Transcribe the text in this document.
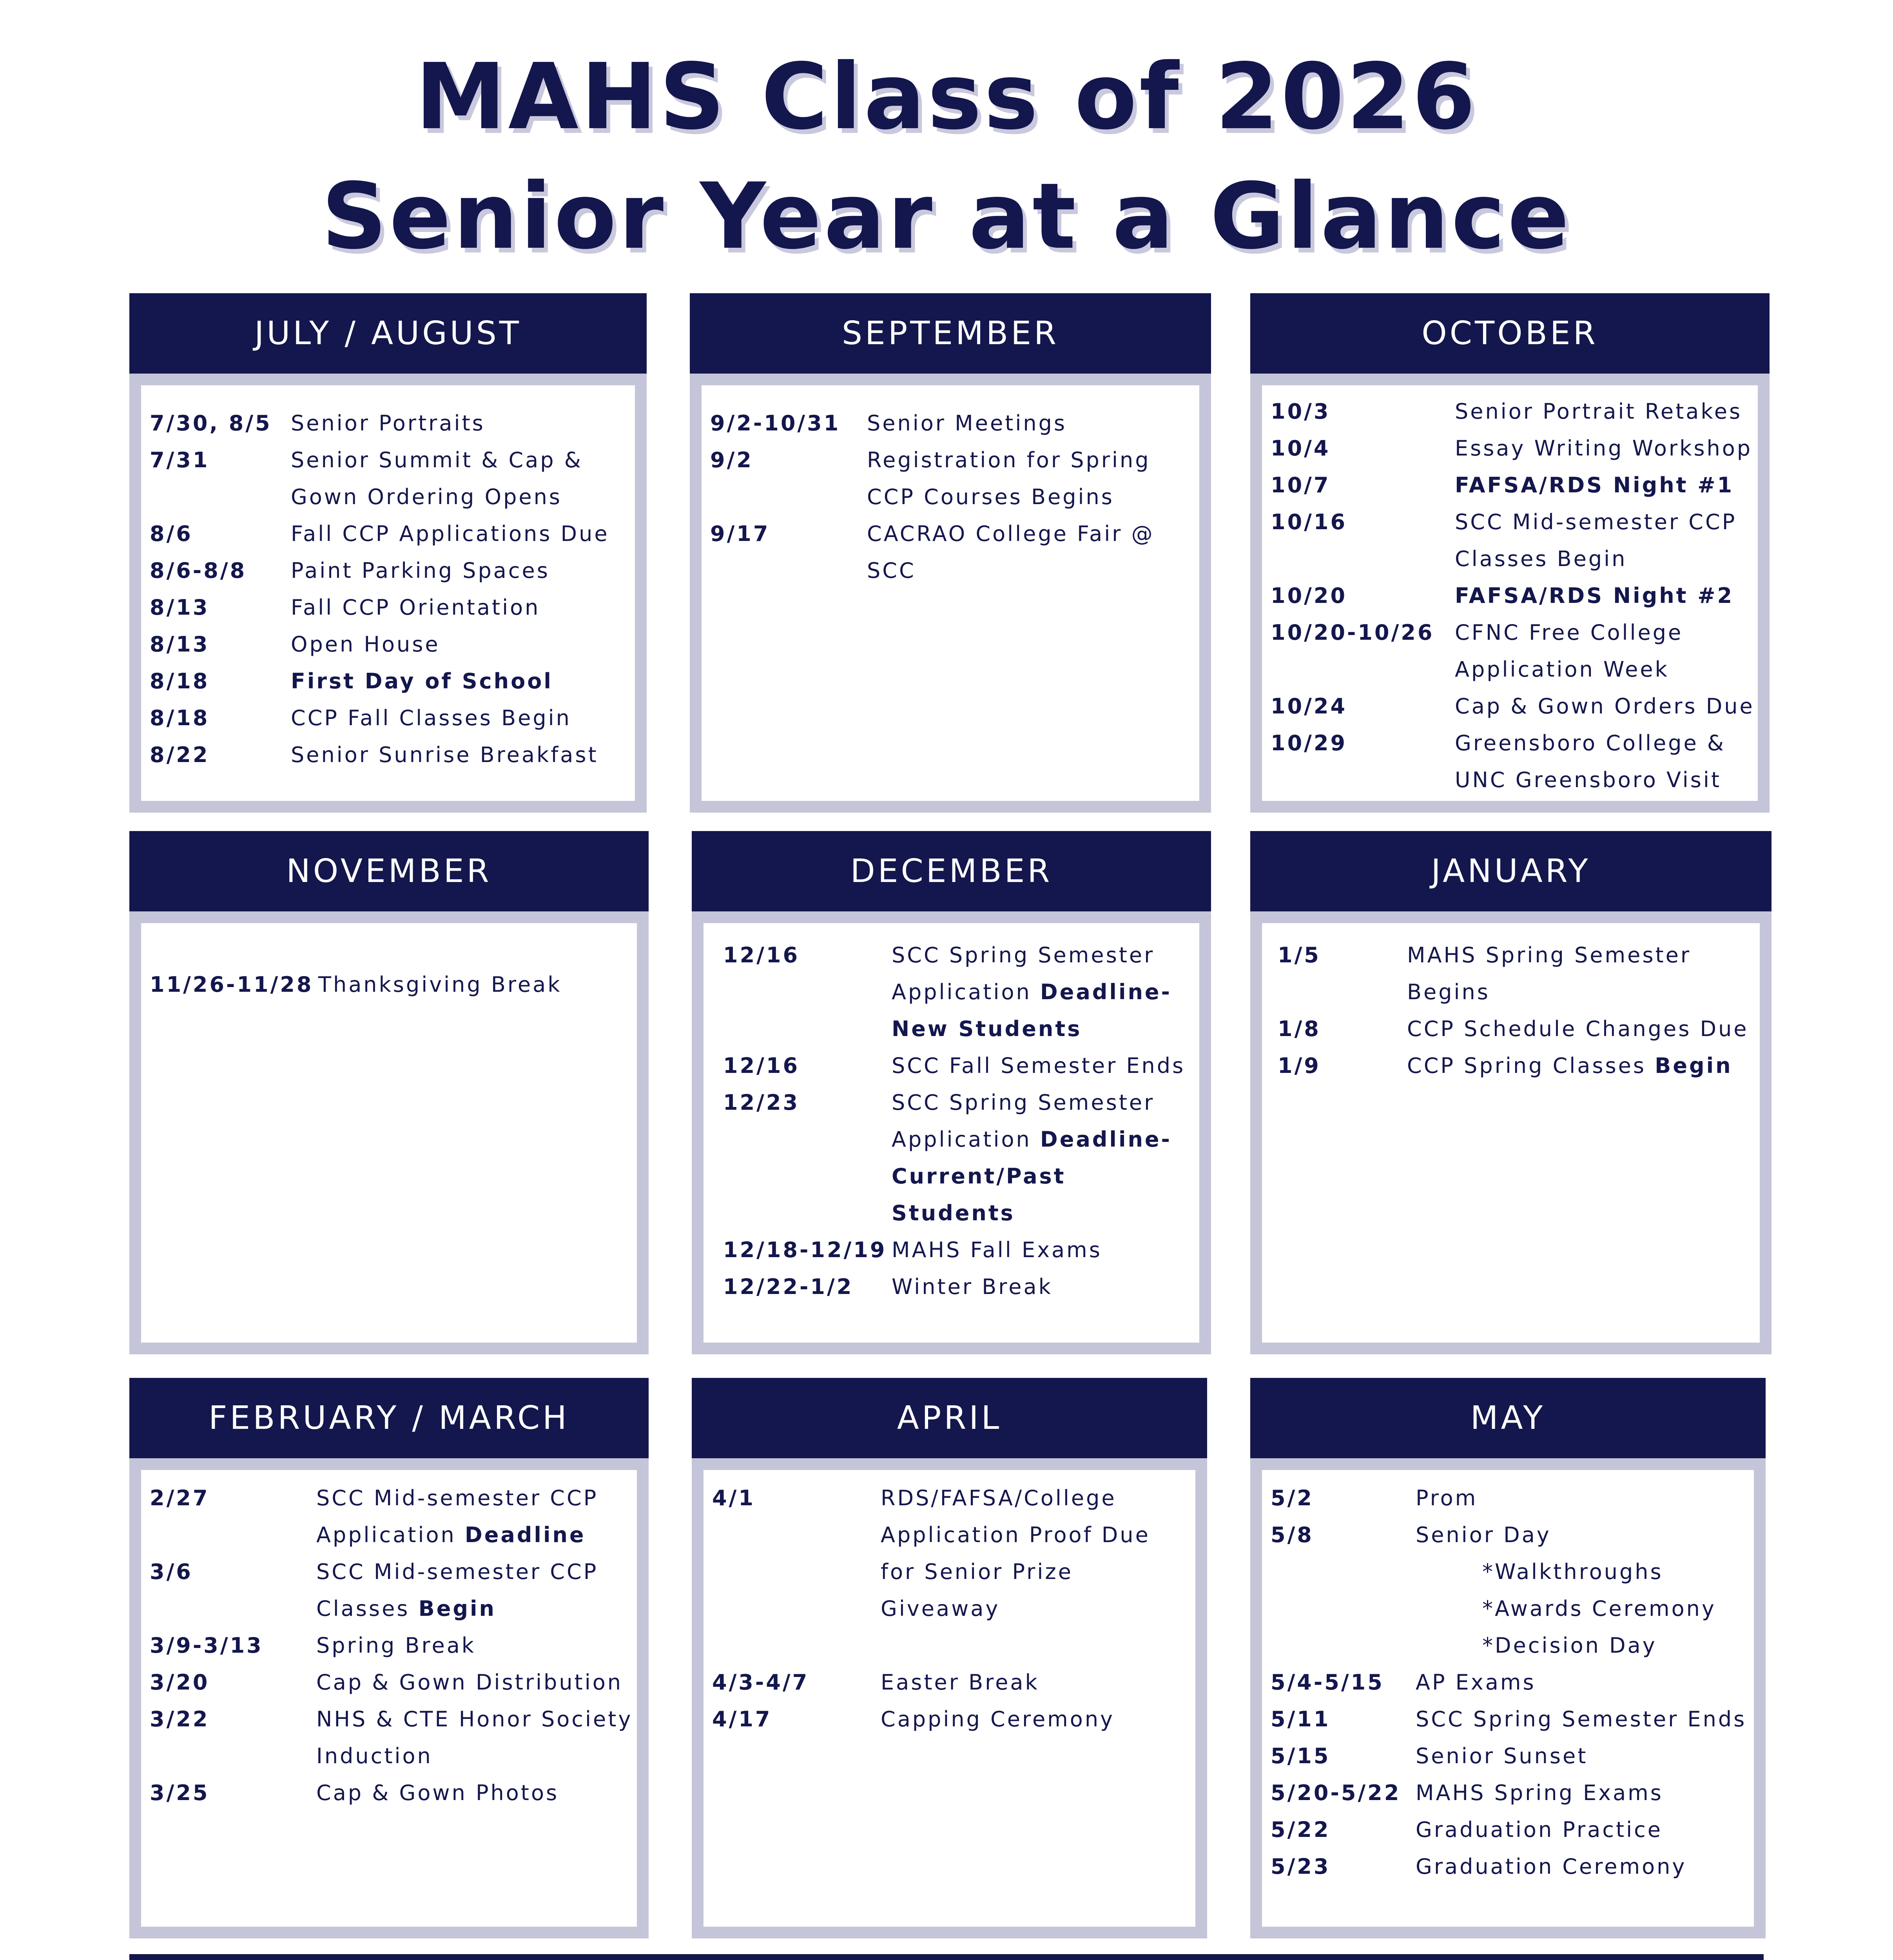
MAHS Class of 2026
Senior Year at a Glance
JULY / AUGUST
7/30, 8/5 Senior Portraits
7/31	Senior Summit & Cap & Gown Ordering Opens
8/6	Fall CCP Applications Due
8/6-8/8	Paint Parking Spaces
8/13	Fall CCP Orientation
8/13	Open House
8/18	First Day of School
8/18	CCP Fall Classes Begin
8/22	Senior Sunrise Breakfast
SEPTEMBER
9/2-10/31	Senior Meetings
9/2	Registration for Spring CCP Courses Begins
9/17	CACRAO College Fair @ SCC
OCTOBER
10/3	Senior Portrait Retakes
10/4	Essay Writing Workshop
10/7	FAFSA/RDS Night #1
10/16	SCC Mid-semester CCP Classes Begin
10/20	FAFSA/RDS Night #2
10/20-10/26 CFNC Free College Application Week
10/24	Cap & Gown Orders Due
10/29	Greensboro College & UNC Greensboro Visit
NOVEMBER
11/26-11/28 Thanksgiving Break
DECEMBER
12/16	SCC Spring Semester Application Deadline- New Students
12/16	SCC Fall Semester Ends
12/23	SCC Spring Semester Application Deadline- Current/Past Students
12/18-12/19 MAHS Fall Exams
12/22-1/2	Winter Break
JANUARY
1/5	MAHS Spring Semester Begins
1/8	CCP Schedule Changes Due
1/9	CCP Spring Classes Begin
FEBRUARY / MARCH
2/27	SCC Mid-semester CCP Application Deadline
3/6	SCC Mid-semester CCP Classes Begin
3/9-3/13	Spring Break
3/20	Cap & Gown Distribution
3/22	NHS & CTE Honor Society Induction
3/25	Cap & Gown Photos
APRIL
4/1	RDS/FAFSA/College Application Proof Due for Senior Prize Giveaway
4/3-4/7	Easter Break
4/17	Capping Ceremony
MAY
5/2	Prom
5/8	Senior Day
*Walkthroughs
*Awards Ceremony
*Decision Day
5/4-5/15	AP Exams
5/11	SCC Spring Semester Ends
5/15	Senior Sunset
5/20-5/22 MAHS Spring Exams
5/22	Graduation Practice
5/23	Graduation Ceremony
